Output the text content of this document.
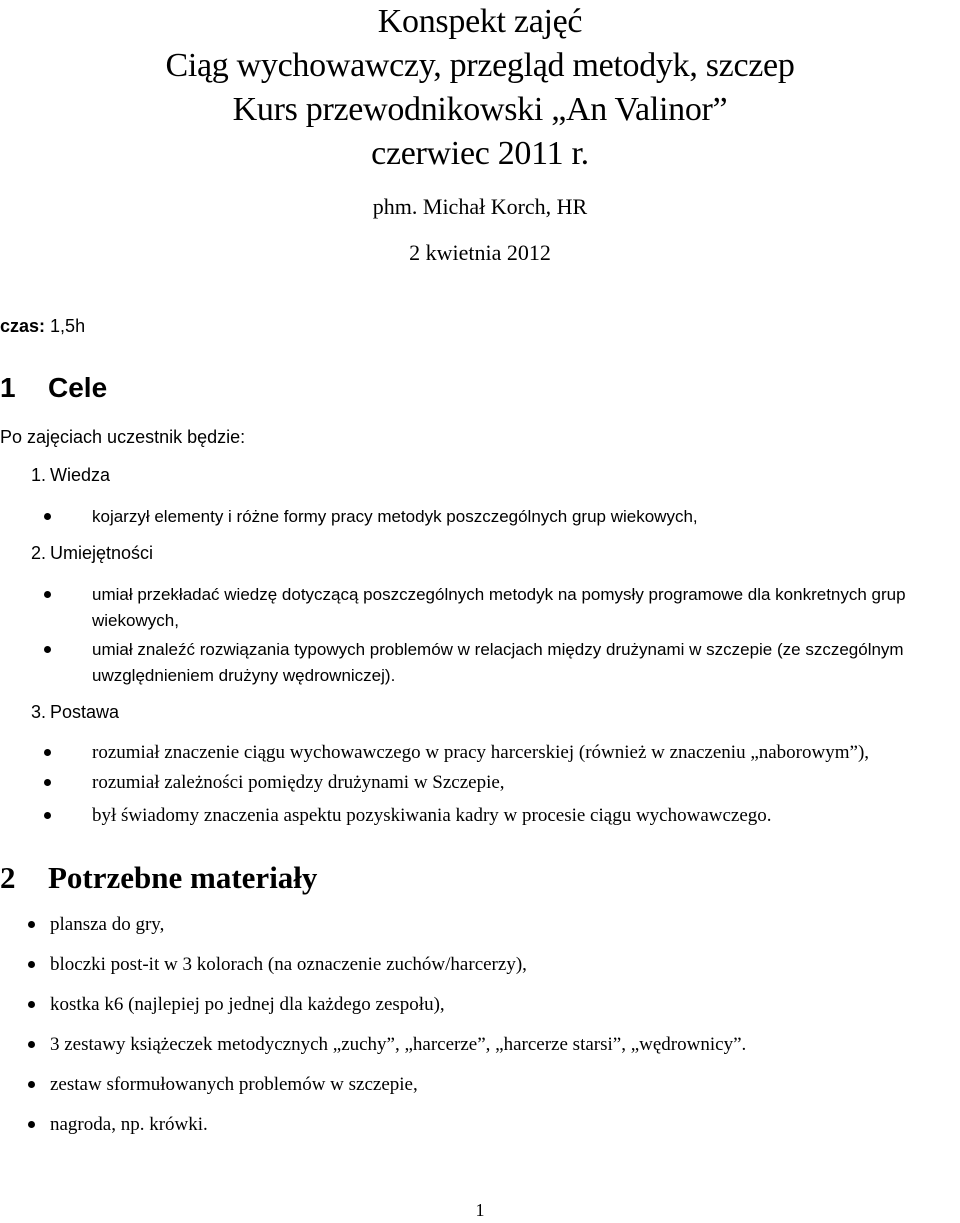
Konspekt zajęć
Ciąg wychowawczy, przegląd metodyk, szczep
Kurs przewodnikowski „An Valinor”
czerwiec 2011 r.
phm. Michał Korch, HR
2 kwietnia 2012
czas: 1,5h
1 Cele
Po zajęciach uczestnik będzie:
1. Wiedza
kojarzył elementy i różne formy pracy metodyk poszczególnych grup wiekowych,
2. Umiejętności
umiał przekładać wiedzę dotyczącą poszczególnych metodyk na pomysły programowe dla konkretnych grup wiekowych,
umiał znaleźć rozwiązania typowych problemów w relacjach między drużynami w szczepie (ze szczególnym uwzględnieniem drużyny wędrowniczej).
3. Postawa
rozumiał znaczenie ciągu wychowawczego w pracy harcerskiej (również w znaczeniu „naborowym”),
rozumiał zależności pomiędzy drużynami w Szczepie,
był świadomy znaczenia aspektu pozyskiwania kadry w procesie ciągu wychowawczego.
2 Potrzebne materiały
plansza do gry,
bloczki post-it w 3 kolorach (na oznaczenie zuchów/harcerzy),
kostka k6 (najlepiej po jednej dla każdego zespołu),
3 zestawy książeczek metodycznych „zuchy”, „harcerze”, „harcerze starsi”, „wędrownicy”.
zestaw sformułowanych problemów w szczepie,
nagroda, np. krówki.
1
